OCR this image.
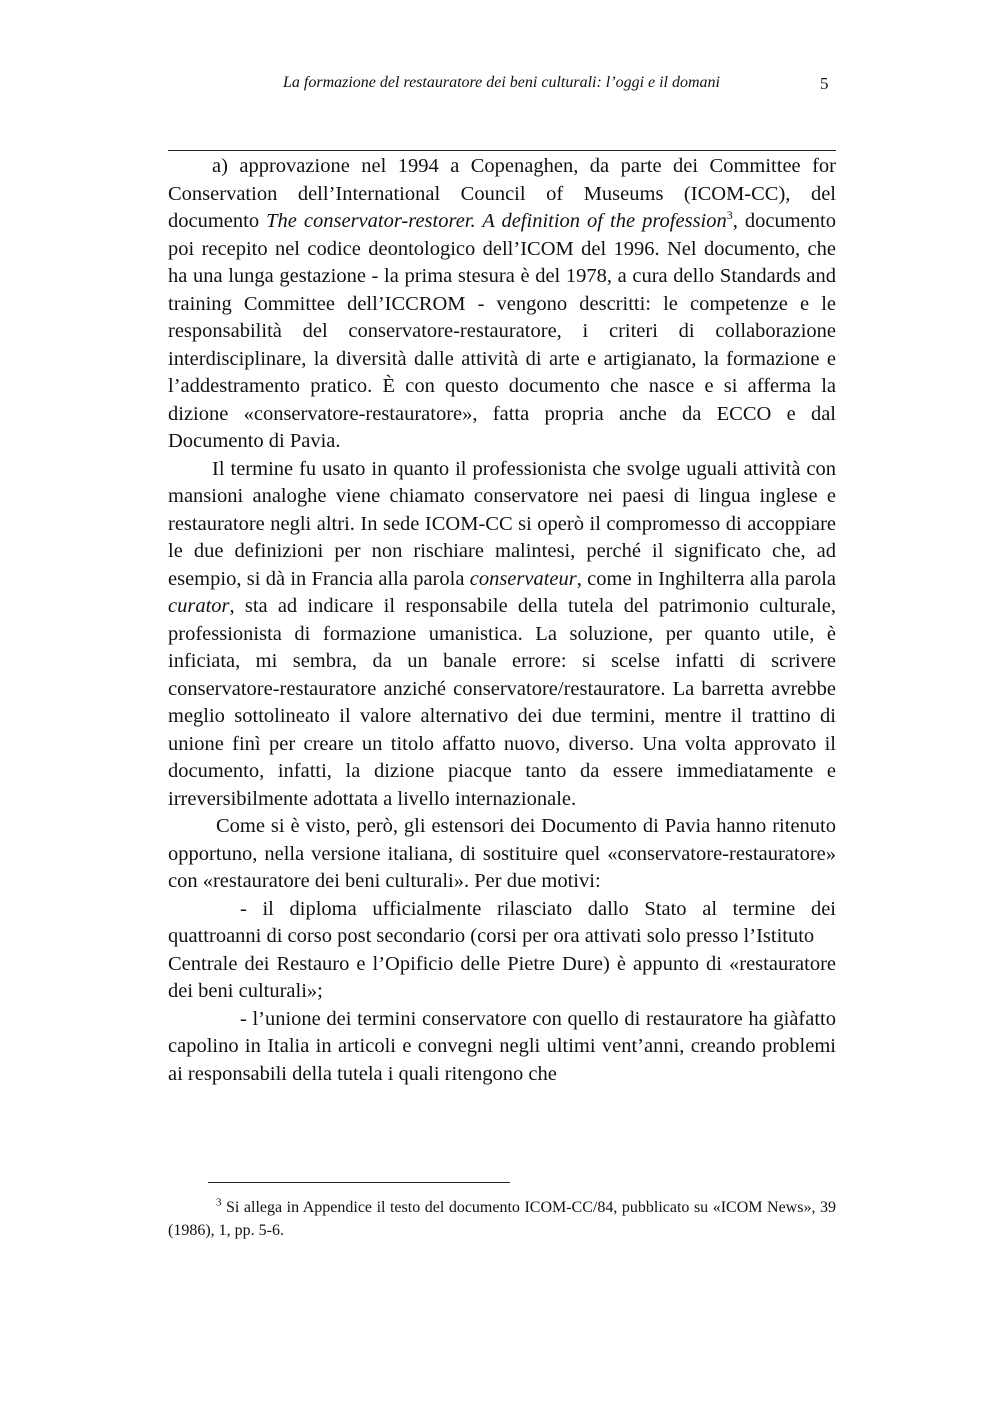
La formazione del restauratore dei beni culturali: l’oggi e il domani	5

a) approvazione nel 1994 a Copenaghen, da parte dei Committee for Conservation dell’International Council of Museums (ICOM-CC), del documento The conservator-restorer. A definition of the profession$^3$, documento poi recepito nel codice deontologico dell’ICOM del 1996. Nel documento, che ha una lunga gestazione - la prima stesura è del 1978, a cura dello Standards and training Committee dell’ICCROM - vengono descritti: le competenze e le responsabilità del conservatore-restauratore, i criteri di collaborazione interdisciplinare, la diversità dalle attività di arte e artigianato, la formazione e l’addestramento pratico. È con questo documento che nasce e si afferma la dizione «conservatore-restauratore», fatta propria anche da ECCO e dal Documento di Pavia.

Il termine fu usato in quanto il professionista che svolge uguali attività con mansioni analoghe viene chiamato conservatore nei paesi di lingua inglese e restauratore negli altri. In sede ICOM-CC si operò il compromesso di accoppiare le due definizioni per non rischiare malintesi, perché il significato che, ad esempio, si dà in Francia alla parola conservateur, come in Inghilterra alla parola curator, sta ad indicare il responsabile della tutela del patrimonio culturale, professionista di formazione umanistica. La soluzione, per quanto utile, è inficiata, mi sembra, da un banale errore: si scelse infatti di scrivere conservatore-restauratore anziché conservatore/restauratore. La barretta avrebbe meglio sottolineato il valore alternativo dei due termini, mentre il trattino di unione finì per creare un titolo affatto nuovo, diverso. Una volta approvato il documento, infatti, la dizione piacque tanto da essere immediatamente e irreversibilmente adottata a livello internazionale.

Come si è visto, però, gli estensori dei Documento di Pavia hanno ritenuto opportuno, nella versione italiana, di sostituire quel «conservatore-restauratore» con «restauratore dei beni culturali». Per due motivi:

- il diploma ufficialmente rilasciato dallo Stato al termine dei quattroanni di corso post secondario (corsi per ora attivati solo presso l’Istituto

Centrale dei Restauro e l’Opificio delle Pietre Dure) è appunto di «restauratore dei beni culturali»;

- l’unione dei termini conservatore con quello di restauratore ha giàfatto capolino in Italia in articoli e convegni negli ultimi vent’anni, creando problemi ai responsabili della tutela i quali ritengono che

$^3$ Si allega in Appendice il testo del documento ICOM-CC/84, pubblicato su «ICOM News», 39 (1986), 1, pp. 5-6.
